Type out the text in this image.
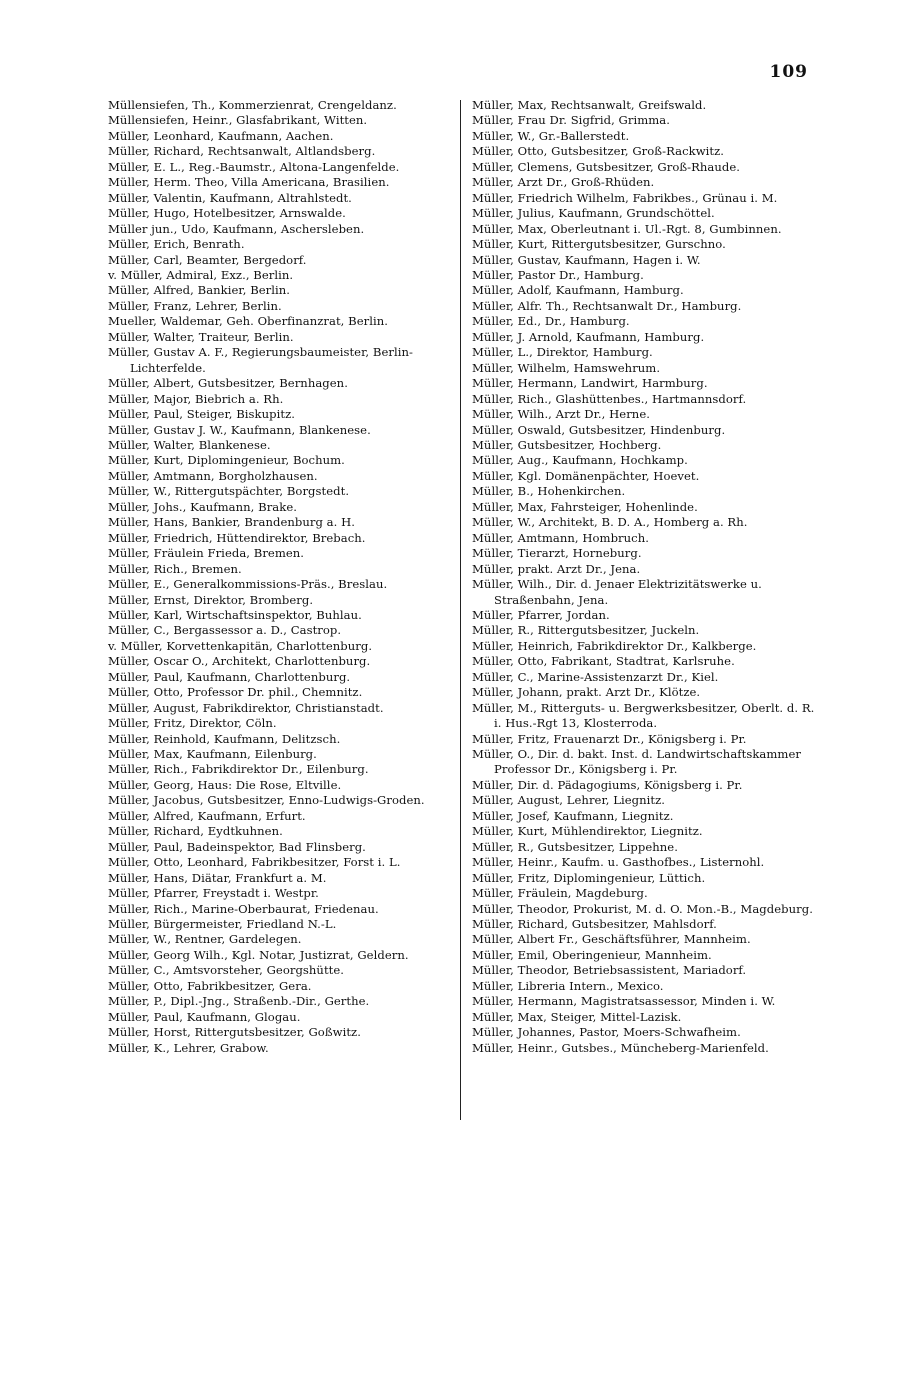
109
Müllensiefen, Th., Kommerzienrat, Crengeldanz.
Müllensiefen, Heinr., Glasfabrikant, Witten.
Müller, Leonhard, Kaufmann, Aachen.
Müller, Richard, Rechtsanwalt, Altlandsberg.
Müller, E. L., Reg.-Baumstr., Altona-Langenfelde.
Müller, Herm. Theo, Villa Americana, Brasilien.
Müller, Valentin, Kaufmann, Altrahlstedt.
Müller, Hugo, Hotelbesitzer, Arnswalde.
Müller jun., Udo, Kaufmann, Aschersleben.
Müller, Erich, Benrath.
Müller, Carl, Beamter, Bergedorf.
v. Müller, Admiral, Exz., Berlin.
Müller, Alfred, Bankier, Berlin.
Müller, Franz, Lehrer, Berlin.
Mueller, Waldemar, Geh. Oberfinanzrat, Berlin.
Müller, Walter, Traiteur, Berlin.
Müller, Gustav A. F., Regierungsbaumeister, Berlin-Lichterfelde.
Müller, Albert, Gutsbesitzer, Bernhagen.
Müller, Major, Biebrich a. Rh.
Müller, Paul, Steiger, Biskupitz.
Müller, Gustav J. W., Kaufmann, Blankenese.
Müller, Walter, Blankenese.
Müller, Kurt, Diplomingenieur, Bochum.
Müller, Amtmann, Borgholzhausen.
Müller, W., Rittergutspächter, Borgstedt.
Müller, Johs., Kaufmann, Brake.
Müller, Hans, Bankier, Brandenburg a. H.
Müller, Friedrich, Hüttendirektor, Brebach.
Müller, Fräulein Frieda, Bremen.
Müller, Rich., Bremen.
Müller, E., Generalkommissions-Präs., Breslau.
Müller, Ernst, Direktor, Bromberg.
Müller, Karl, Wirtschaftsinspektor, Buhlau.
Müller, C., Bergassessor a. D., Castrop.
v. Müller, Korvettenkapitän, Charlottenburg.
Müller, Oscar O., Architekt, Charlottenburg.
Müller, Paul, Kaufmann, Charlottenburg.
Müller, Otto, Professor Dr. phil., Chemnitz.
Müller, August, Fabrikdirektor, Christianstadt.
Müller, Fritz, Direktor, Cöln.
Müller, Reinhold, Kaufmann, Delitzsch.
Müller, Max, Kaufmann, Eilenburg.
Müller, Rich., Fabrikdirektor Dr., Eilenburg.
Müller, Georg, Haus: Die Rose, Eltville.
Müller, Jacobus, Gutsbesitzer, Enno-Ludwigs-Groden.
Müller, Alfred, Kaufmann, Erfurt.
Müller, Richard, Eydtkuhnen.
Müller, Paul, Badeinspektor, Bad Flinsberg.
Müller, Otto, Leonhard, Fabrikbesitzer, Forst i. L.
Müller, Hans, Diätar, Frankfurt a. M.
Müller, Pfarrer, Freystadt i. Westpr.
Müller, Rich., Marine-Oberbaurat, Friedenau.
Müller, Bürgermeister, Friedland N.-L.
Müller, W., Rentner, Gardelegen.
Müller, Georg Wilh., Kgl. Notar, Justizrat, Geldern.
Müller, C., Amtsvorsteher, Georgshütte.
Müller, Otto, Fabrikbesitzer, Gera.
Müller, P., Dipl.-Jng., Straßenb.-Dir., Gerthe.
Müller, Paul, Kaufmann, Glogau.
Müller, Horst, Rittergutsbesitzer, Goßwitz.
Müller, K., Lehrer, Grabow.
Müller, Max, Rechtsanwalt, Greifswald.
Müller, Frau Dr. Sigfrid, Grimma.
Müller, W., Gr.-Ballerstedt.
Müller, Otto, Gutsbesitzer, Groß-Rackwitz.
Müller, Clemens, Gutsbesitzer, Groß-Rhaude.
Müller, Arzt Dr., Groß-Rhüden.
Müller, Friedrich Wilhelm, Fabrikbes., Grünau i. M.
Müller, Julius, Kaufmann, Grundschöttel.
Müller, Max, Oberleutnant i. Ul.-Rgt. 8, Gumbinnen.
Müller, Kurt, Rittergutsbesitzer, Gurschno.
Müller, Gustav, Kaufmann, Hagen i. W.
Müller, Pastor Dr., Hamburg.
Müller, Adolf, Kaufmann, Hamburg.
Müller, Alfr. Th., Rechtsanwalt Dr., Hamburg.
Müller, Ed., Dr., Hamburg.
Müller, J. Arnold, Kaufmann, Hamburg.
Müller, L., Direktor, Hamburg.
Müller, Wilhelm, Hamswehrum.
Müller, Hermann, Landwirt, Harmburg.
Müller, Rich., Glashüttenbes., Hartmannsdorf.
Müller, Wilh., Arzt Dr., Herne.
Müller, Oswald, Gutsbesitzer, Hindenburg.
Müller, Gutsbesitzer, Hochberg.
Müller, Aug., Kaufmann, Hochkamp.
Müller, Kgl. Domänenpächter, Hoevet.
Müller, B., Hohenkirchen.
Müller, Max, Fahrsteiger, Hohenlinde.
Müller, W., Architekt, B. D. A., Homberg a. Rh.
Müller, Amtmann, Hombruch.
Müller, Tierarzt, Horneburg.
Müller, prakt. Arzt Dr., Jena.
Müller, Wilh., Dir. d. Jenaer Elektrizitätswerke u. Straßenbahn, Jena.
Müller, Pfarrer, Jordan.
Müller, R., Rittergutsbesitzer, Juckeln.
Müller, Heinrich, Fabrikdirektor Dr., Kalkberge.
Müller, Otto, Fabrikant, Stadtrat, Karlsruhe.
Müller, C., Marine-Assistenzarzt Dr., Kiel.
Müller, Johann, prakt. Arzt Dr., Klötze.
Müller, M., Ritterguts- u. Bergwerksbesitzer, Oberlt. d. R. i. Hus.-Rgt 13, Klosterroda.
Müller, Fritz, Frauenarzt Dr., Königsberg i. Pr.
Müller, O., Dir. d. bakt. Inst. d. Landwirtschaftskammer Professor Dr., Königsberg i. Pr.
Müller, Dir. d. Pädagogiums, Königsberg i. Pr.
Müller, August, Lehrer, Liegnitz.
Müller, Josef, Kaufmann, Liegnitz.
Müller, Kurt, Mühlendirektor, Liegnitz.
Müller, R., Gutsbesitzer, Lippehne.
Müller, Heinr., Kaufm. u. Gasthofbes., Listernohl.
Müller, Fritz, Diplomingenieur, Lüttich.
Müller, Fräulein, Magdeburg.
Müller, Theodor, Prokurist, M. d. O. Mon.-B., Magdeburg.
Müller, Richard, Gutsbesitzer, Mahlsdorf.
Müller, Albert Fr., Geschäftsführer, Mannheim.
Müller, Emil, Oberingenieur, Mannheim.
Müller, Theodor, Betriebsassistent, Mariadorf.
Müller, Libreria Intern., Mexico.
Müller, Hermann, Magistratsassessor, Minden i. W.
Müller, Max, Steiger, Mittel-Lazisk.
Müller, Johannes, Pastor, Moers-Schwafheim.
Müller, Heinr., Gutsbes., Müncheberg-Marienfeld.
